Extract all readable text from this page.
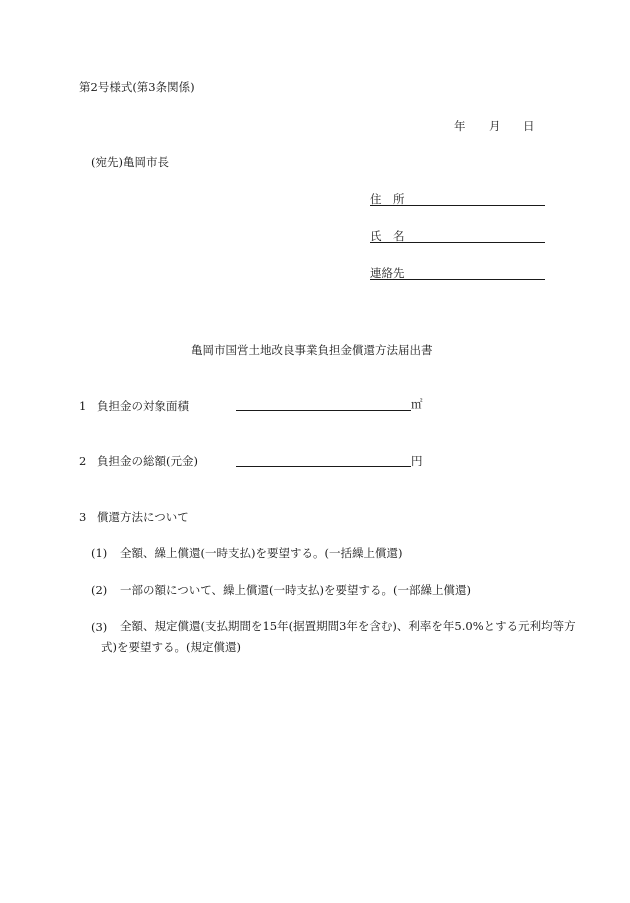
第2号様式(第3条関係)
年 月 日
(宛先)亀岡市長
住　所
氏　名
連絡先
亀岡市国営土地改良事業負担金償還方法届出書
1 負担金の対象面積	㎡
2 負担金の総額(元金)	円
3 償還方法について
(1) 全額、繰上償還(一時支払)を要望する。(一括繰上償還)
(2) 一部の額について、繰上償還(一時支払)を要望する。(一部繰上償還)
(3)	全額、規定償還(支払期間を15年(据置期間3年を含む)、利率を年5.0%とする元利均等方式)を要望する。(規定償還)
